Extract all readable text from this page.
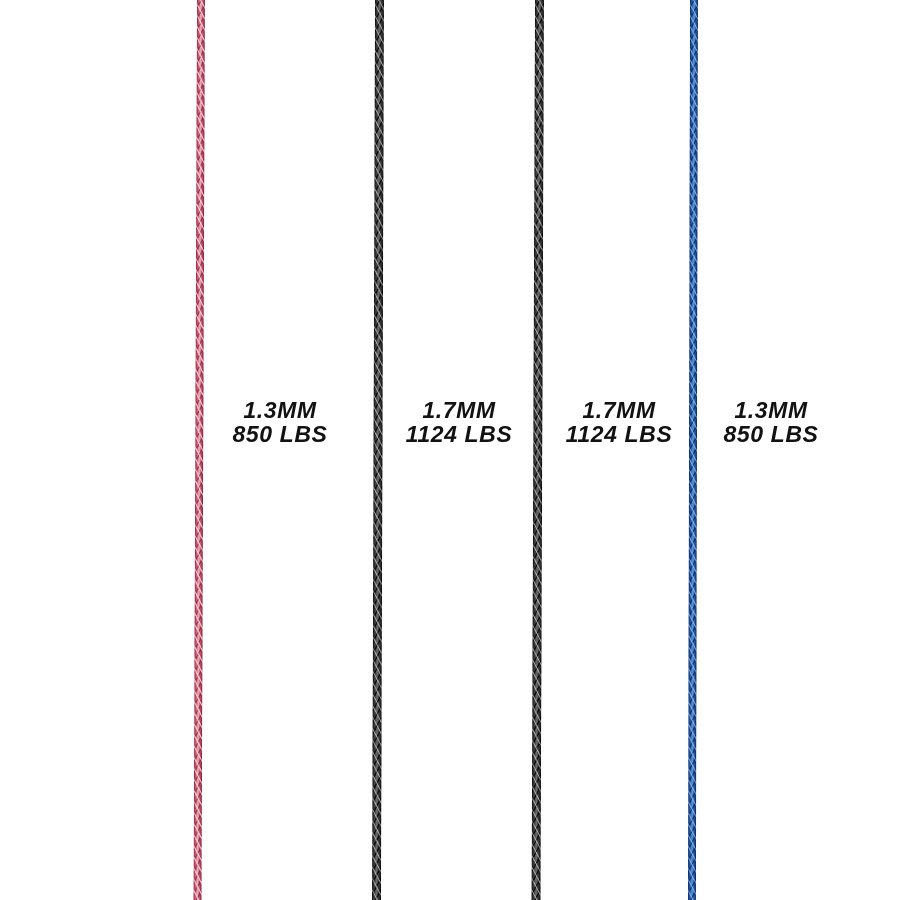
1.3MM
850 LBS
1.7MM
1124 LBS
1.7MM
1124 LBS
1.3MM
850 LBS
